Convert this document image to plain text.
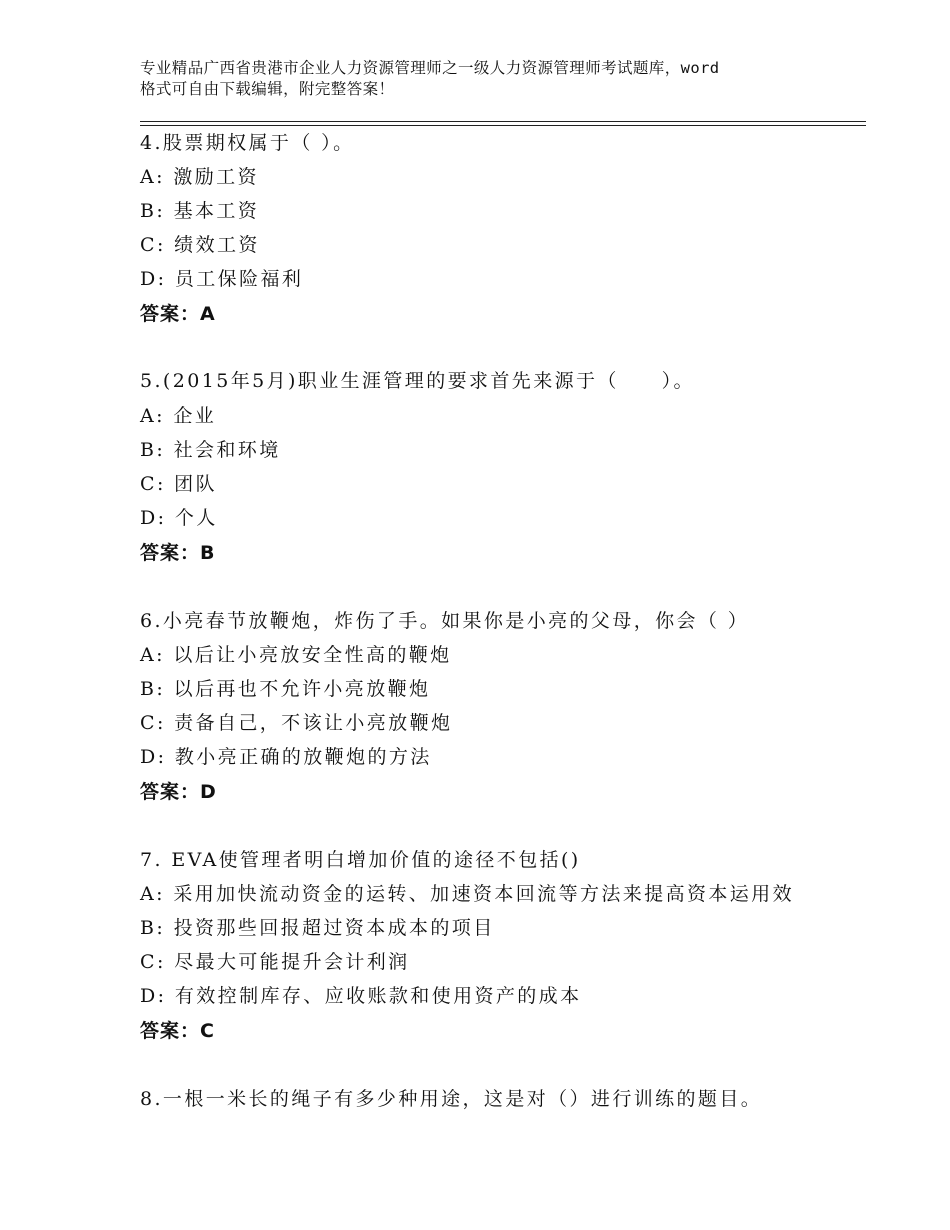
专业精品广西省贵港市企业人力资源管理师之一级人力资源管理师考试题库，word
格式可自由下载编辑，附完整答案！
4.股票期权属于（ ）。
A: 激励工资
B: 基本工资
C: 绩效工资
D: 员工保险福利
答案：A
5.(2015年5月)职业生涯管理的要求首先来源于（　　）。
A: 企业
B: 社会和环境
C: 团队
D: 个人
答案：B
6.小亮春节放鞭炮，炸伤了手。如果你是小亮的父母，你会（ ）
A: 以后让小亮放安全性高的鞭炮
B: 以后再也不允许小亮放鞭炮
C: 责备自己，不该让小亮放鞭炮
D: 教小亮正确的放鞭炮的方法
答案：D
7. EVA使管理者明白增加价值的途径不包括()
A: 采用加快流动资金的运转、加速资本回流等方法来提高资本运用效
B: 投资那些回报超过资本成本的项目
C: 尽最大可能提升会计利润
D: 有效控制库存、应收账款和使用资产的成本
答案：C
8.一根一米长的绳子有多少种用途，这是对（）进行训练的题目。
